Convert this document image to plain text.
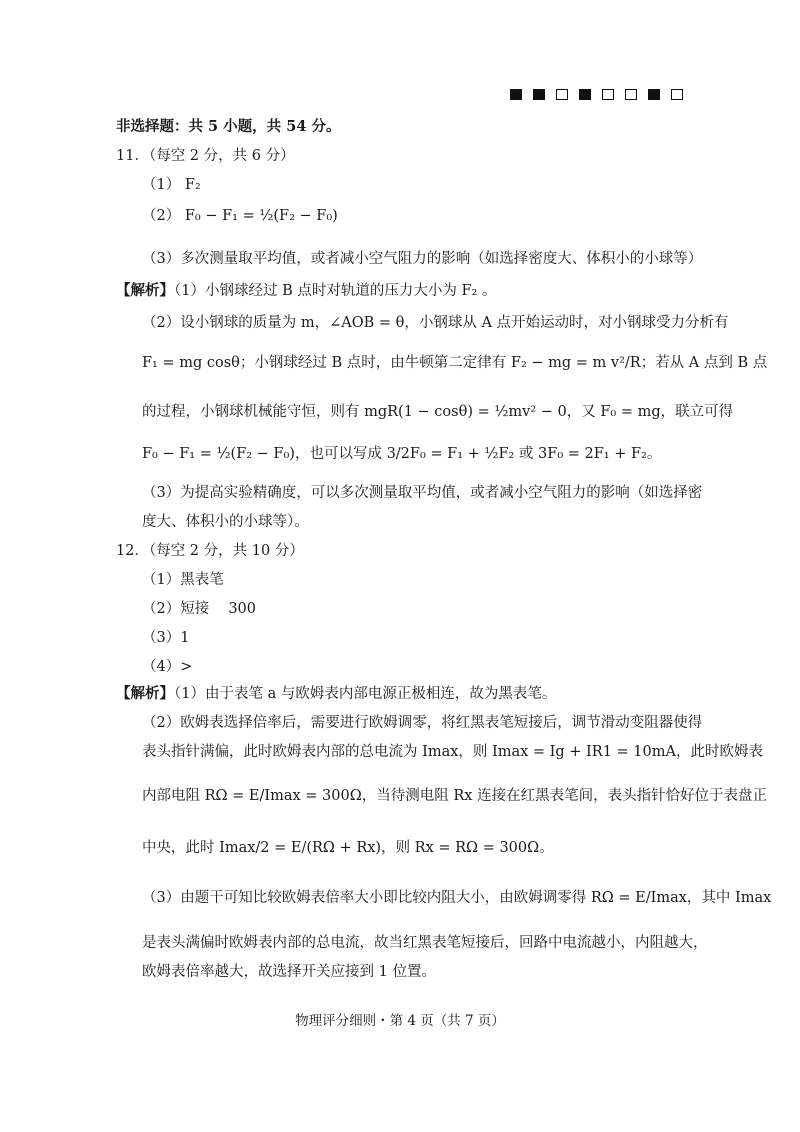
非选择题：共 5 小题，共 54 分。
11．（每空 2 分，共 6 分）
（1） F₂
（2） F₀ − F₁ = ½(F₂ − F₀)
（3）多次测量取平均值，或者减小空气阻力的影响（如选择密度大、体积小的小球等）
【解析】（1）小钢球经过 B 点时对轨道的压力大小为 F₂ 。
（2）设小钢球的质量为 m，∠AOB = θ，小钢球从 A 点开始运动时，对小钢球受力分析有
F₁ = mg cosθ；小钢球经过 B 点时，由牛顿第二定律有 F₂ − mg = m v²/R；若从 A 点到 B 点
的过程，小钢球机械能守恒，则有 mgR(1 − cosθ) = ½mv² − 0，又 F₀ = mg，联立可得
F₀ − F₁ = ½(F₂ − F₀)，也可以写成 3/2F₀ = F₁ + ½F₂ 或 3F₀ = 2F₁ + F₂。
（3）为提高实验精确度，可以多次测量取平均值，或者减小空气阻力的影响（如选择密
度大、体积小的小球等）。
12．（每空 2 分，共 10 分）
（1）黑表笔
（2）短接　 300
（3）1
（4）>
【解析】（1）由于表笔 a 与欧姆表内部电源正极相连，故为黑表笔。
（2）欧姆表选择倍率后，需要进行欧姆调零，将红黑表笔短接后，调节滑动变阻器使得
表头指针满偏，此时欧姆表内部的总电流为 Imax，则 Imax = Ig + IR1 = 10mA，此时欧姆表
内部电阻 RΩ = E/Imax = 300Ω，当待测电阻 Rx 连接在红黑表笔间，表头指针恰好位于表盘正
中央，此时 Imax/2 = E/(RΩ + Rx)，则 Rx = RΩ = 300Ω。
（3）由题干可知比较欧姆表倍率大小即比较内阻大小，由欧姆调零得 RΩ = E/Imax，其中 Imax
是表头满偏时欧姆表内部的总电流，故当红黑表笔短接后，回路中电流越小，内阻越大，
欧姆表倍率越大，故选择开关应接到 1 位置。
物理评分细则・第 4 页（共 7 页）
